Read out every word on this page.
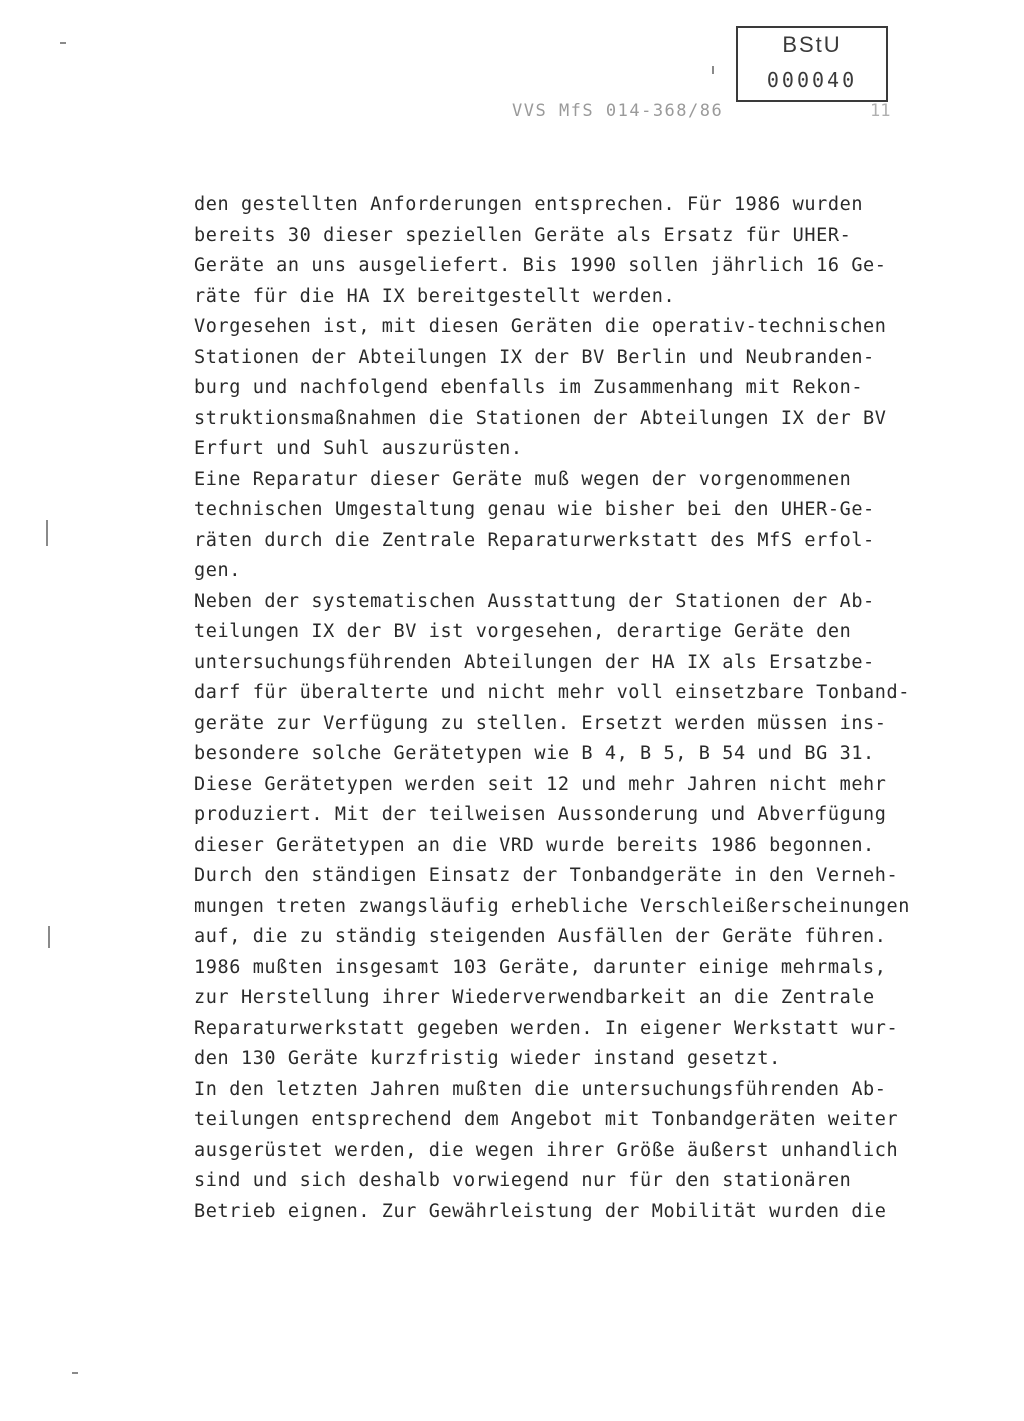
BStU
000040
VVS MfS 014-368/86	11
den gestellten Anforderungen entsprechen. Für 1986 wurden
bereits 30 dieser speziellen Geräte als Ersatz für UHER-
Geräte an uns ausgeliefert. Bis 1990 sollen jährlich 16 Ge-
räte für die HA IX bereitgestellt werden.
Vorgesehen ist, mit diesen Geräten die operativ-technischen
Stationen der Abteilungen IX der BV Berlin und Neubranden-
burg und nachfolgend ebenfalls im Zusammenhang mit Rekon-
struktionsmaßnahmen die Stationen der Abteilungen IX der BV
Erfurt und Suhl auszurüsten.
Eine Reparatur dieser Geräte muß wegen der vorgenommenen
technischen Umgestaltung genau wie bisher bei den UHER-Ge-
räten durch die Zentrale Reparaturwerkstatt des MfS erfol-
gen.
Neben der systematischen Ausstattung der Stationen der Ab-
teilungen IX der BV ist vorgesehen, derartige Geräte den
untersuchungsführenden Abteilungen der HA IX als Ersatzbe-
darf für überalterte und nicht mehr voll einsetzbare Tonband-
geräte zur Verfügung zu stellen. Ersetzt werden müssen ins-
besondere solche Gerätetypen wie B 4, B 5, B 54 und BG 31.
Diese Gerätetypen werden seit 12 und mehr Jahren nicht mehr
produziert. Mit der teilweisen Aussonderung und Abverfügung
dieser Gerätetypen an die VRD wurde bereits 1986 begonnen.
Durch den ständigen Einsatz der Tonbandgeräte in den Verneh-
mungen treten zwangsläufig erhebliche Verschleißerscheinungen
auf, die zu ständig steigenden Ausfällen der Geräte führen.
1986 mußten insgesamt 103 Geräte, darunter einige mehrmals,
zur Herstellung ihrer Wiederverwendbarkeit an die Zentrale
Reparaturwerkstatt gegeben werden. In eigener Werkstatt wur-
den 130 Geräte kurzfristig wieder instand gesetzt.
In den letzten Jahren mußten die untersuchungsführenden Ab-
teilungen entsprechend dem Angebot mit Tonbandgeräten weiter
ausgerüstet werden, die wegen ihrer Größe äußerst unhandlich
sind und sich deshalb vorwiegend nur für den stationären
Betrieb eignen. Zur Gewährleistung der Mobilität wurden die
